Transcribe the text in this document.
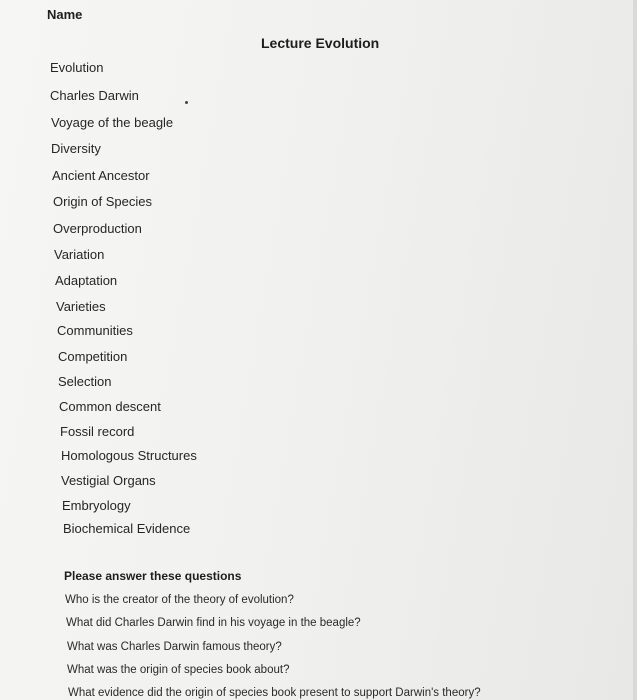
Name
Lecture Evolution
Evolution
Charles Darwin
Voyage of the beagle
Diversity
Ancient Ancestor
Origin of Species
Overproduction
Variation
Adaptation
Varieties
Communities
Competition
Selection
Common descent
Fossil record
Homologous Structures
Vestigial Organs
Embryology
Biochemical Evidence
Please answer these questions
Who is the creator of the theory of evolution?
What did Charles Darwin find in his voyage in the beagle?
What was Charles Darwin famous theory?
What was the origin of species book about?
What evidence did the origin of species book present to support Darwin's theory?
